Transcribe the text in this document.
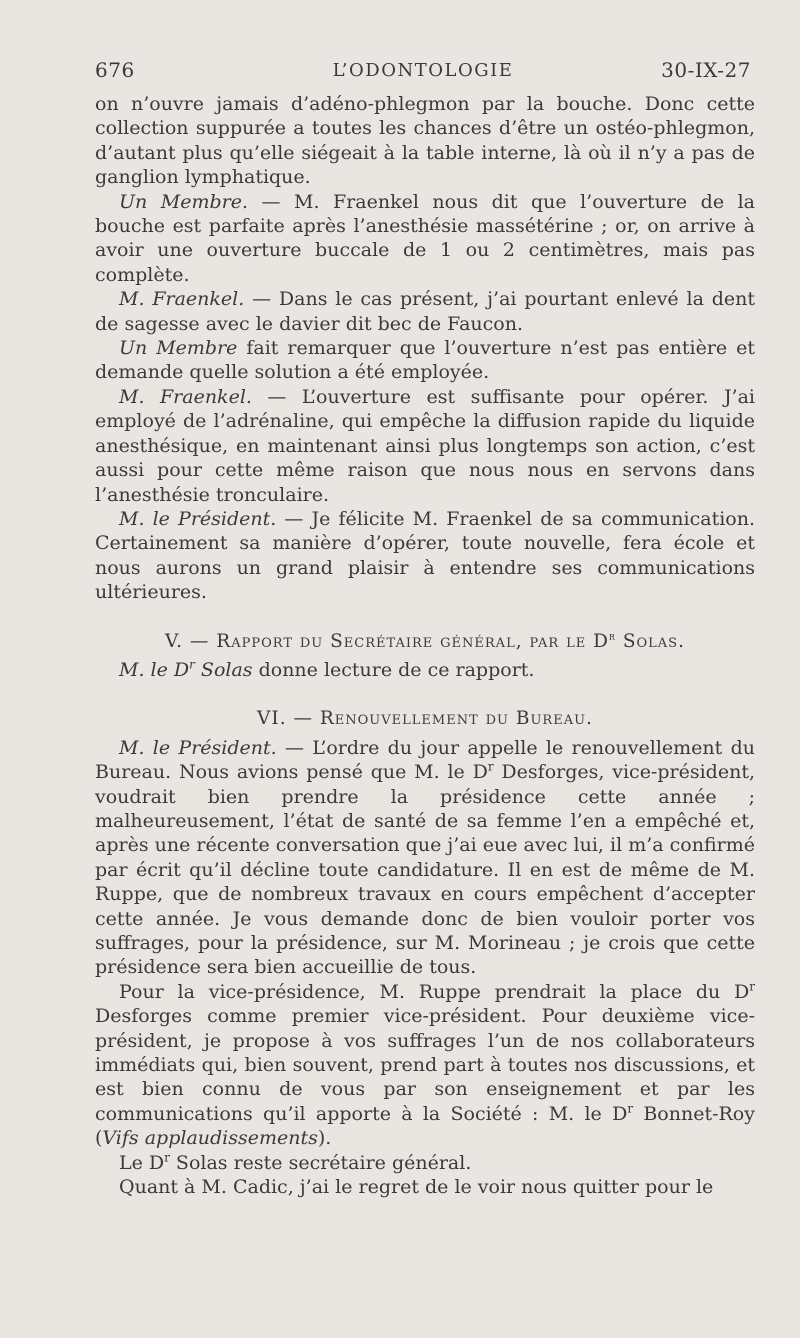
676	L’ODONTOLOGIE	30-IX-27

on n’ouvre jamais d’adéno-phlegmon par la bouche. Donc cette collection suppurée a toutes les chances d’être un ostéo-phlegmon, d’autant plus qu’elle siégeait à la table interne, là où il n’y a pas de ganglion lymphatique.

Un Membre. — M. Fraenkel nous dit que l’ouverture de la bouche est parfaite après l’anesthésie massétérine ; or, on arrive à avoir une ouverture buccale de 1 ou 2 centimètres, mais pas complète.

M. Fraenkel. — Dans le cas présent, j’ai pourtant enlevé la dent de sagesse avec le davier dit bec de Faucon.

Un Membre fait remarquer que l’ouverture n’est pas entière et demande quelle solution a été employée.

M. Fraenkel. — L’ouverture est suffisante pour opérer. J’ai employé de l’adrénaline, qui empêche la diffusion rapide du liquide anesthésique, en maintenant ainsi plus longtemps son action, c’est aussi pour cette même raison que nous nous en servons dans l’anesthésie tronculaire.

M. le Président. — Je félicite M. Fraenkel de sa communication. Certainement sa manière d’opérer, toute nouvelle, fera école et nous aurons un grand plaisir à entendre ses communications ultérieures.

V. — Rapport du Secrétaire général, par le $D^r$ Solas.

M. le $D^r$ Solas donne lecture de ce rapport.

VI. — Renouvellement du Bureau.

M. le Président. — L’ordre du jour appelle le renouvellement du Bureau. Nous avions pensé que M. le $D^r$ Desforges, vice-président, voudrait bien prendre la présidence cette année ; malheureusement, l’état de santé de sa femme l’en a empêché et, après une récente conversation que j’ai eue avec lui, il m’a confirmé par écrit qu’il décline toute candidature. Il en est de même de M. Ruppe, que de nombreux travaux en cours empêchent d’accepter cette année. Je vous demande donc de bien vouloir porter vos suffrages, pour la présidence, sur M. Morineau ; je crois que cette présidence sera bien accueillie de tous.

Pour la vice-présidence, M. Ruppe prendrait la place du $D^r$ Desforges comme premier vice-président. Pour deuxième vice-président, je propose à vos suffrages l’un de nos collaborateurs immédiats qui, bien souvent, prend part à toutes nos discussions, et est bien connu de vous par son enseignement et par les communications qu’il apporte à la Société : M. le $D^r$ Bonnet-Roy (Vifs applaudissements).

Le $D^r$ Solas reste secrétaire général.

Quant à M. Cadic, j’ai le regret de le voir nous quitter pour le
